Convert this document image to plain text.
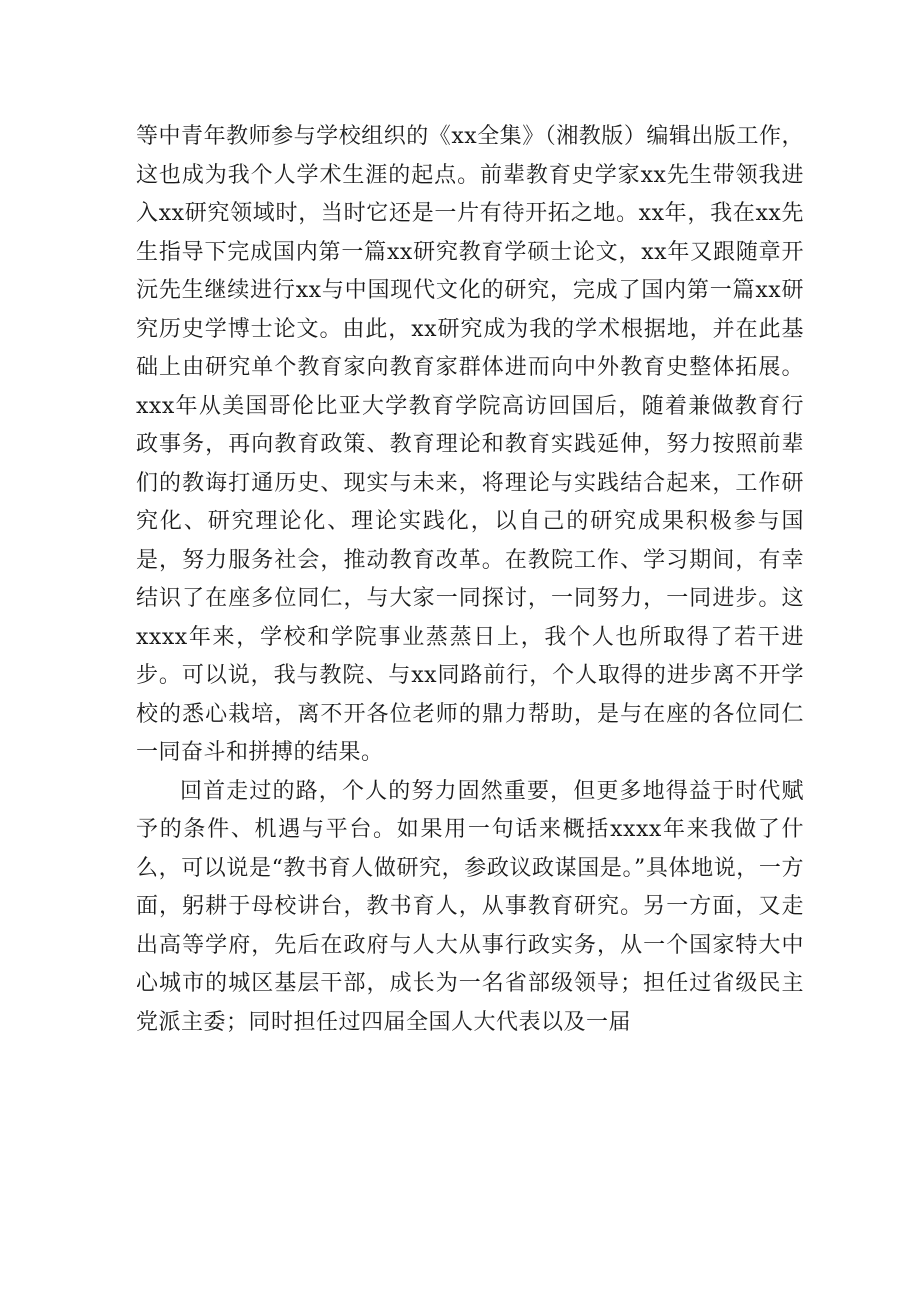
等中青年教师参与学校组织的《xx全集》（湘教版）编辑出版工作，这也成为我个人学术生涯的起点。前辈教育史学家xx先生带领我进入xx研究领域时，当时它还是一片有待开拓之地。xx年，我在xx先生指导下完成国内第一篇xx研究教育学硕士论文，xx年又跟随章开沅先生继续进行xx与中国现代文化的研究，完成了国内第一篇xx研究历史学博士论文。由此，xx研究成为我的学术根据地，并在此基础上由研究单个教育家向教育家群体进而向中外教育史整体拓展。xxx年从美国哥伦比亚大学教育学院高访回国后，随着兼做教育行政事务，再向教育政策、教育理论和教育实践延伸，努力按照前辈们的教诲打通历史、现实与未来，将理论与实践结合起来，工作研究化、研究理论化、理论实践化，以自己的研究成果积极参与国是，努力服务社会，推动教育改革。在教院工作、学习期间，有幸结识了在座多位同仁，与大家一同探讨，一同努力，一同进步。这xxxx年来，学校和学院事业蒸蒸日上，我个人也所取得了若干进步。可以说，我与教院、与xx同路前行，个人取得的进步离不开学校的悉心栽培，离不开各位老师的鼎力帮助，是与在座的各位同仁一同奋斗和拼搏的结果。

回首走过的路，个人的努力固然重要，但更多地得益于时代赋予的条件、机遇与平台。如果用一句话来概括xxxx年来我做了什么，可以说是“教书育人做研究，参政议政谋国是。”具体地说，一方面，躬耕于母校讲台，教书育人，从事教育研究。另一方面，又走出高等学府，先后在政府与人大从事行政实务，从一个国家特大中心城市的城区基层干部，成长为一名省部级领导；担任过省级民主党派主委；同时担任过四届全国人大代表以及一届
